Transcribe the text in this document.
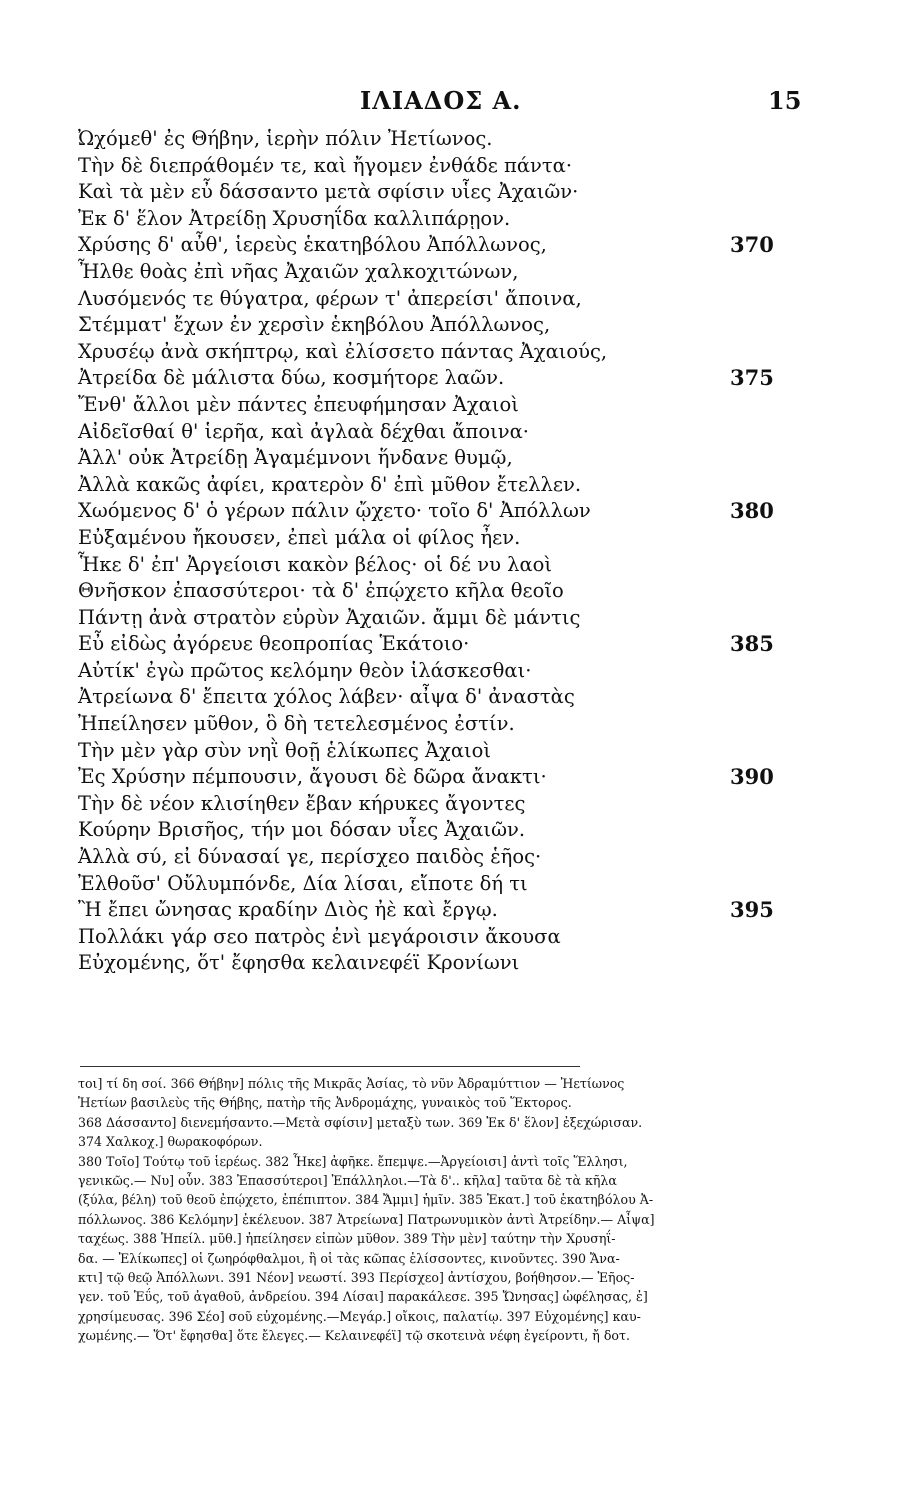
ΙΛΙΑΔΟΣ Α.	15
Ὠχόμεθ' ἐς Θήβην, ἱερὴν πόλιν Ἠετίωνος.
Τὴν δὲ διεπράθομέν τε, καὶ ἤγομεν ἐνθάδε πάντα·
Καὶ τὰ μὲν εὖ δάσσαντο μετὰ σφίσιν υἷες Ἀχαιῶν·
Ἐκ δ' ἕλον Ἀτρείδῃ Χρυσηΐδα καλλιπάρῃον.
Χρύσης δ' αὖθ', ἱερεὺς ἑκατηβόλου Ἀπόλλωνος,	370
Ἦλθε θοὰς ἐπὶ νῆας Ἀχαιῶν χαλκοχιτώνων,
Λυσόμενός τε θύγατρα, φέρων τ' ἀπερείσι' ἄποινα,
Στέμματ' ἔχων ἐν χερσὶν ἑκηβόλου Ἀπόλλωνος,
Χρυσέῳ ἀνὰ σκήπτρῳ, καὶ ἐλίσσετο πάντας Ἀχαιούς,
Ἀτρείδα δὲ μάλιστα δύω, κοσμήτορε λαῶν.	375
Ἔνθ' ἄλλοι μὲν πάντες ἐπευφήμησαν Ἀχαιοὶ
Αἰδεῖσθαί θ' ἱερῆα, καὶ ἀγλαὰ δέχθαι ἄποινα·
Ἀλλ' οὐκ Ἀτρείδῃ Ἀγαμέμνονι ἥνδανε θυμῷ,
Ἀλλὰ κακῶς ἀφίει, κρατερὸν δ' ἐπὶ μῦθον ἔτελλεν.
Χωόμενος δ' ὁ γέρων πάλιν ᾤχετο· τοῖο δ' Ἀπόλλων	380
Εὐξαμένου ἤκουσεν, ἐπεὶ μάλα οἱ φίλος ἦεν.
Ἧκε δ' ἐπ' Ἀργείοισι κακὸν βέλος· οἱ δέ νυ λαοὶ
Θνῆσκον ἐπασσύτεροι· τὰ δ' ἐπῴχετο κῆλα θεοῖο
Πάντῃ ἀνὰ στρατὸν εὐρὺν Ἀχαιῶν. ἄμμι δὲ μάντις
Εὖ εἰδὼς ἀγόρευε θεοπροπίας Ἑκάτοιο·	385
Αὐτίκ' ἐγὼ πρῶτος κελόμην θεὸν ἱλάσκεσθαι·
Ἀτρείωνα δ' ἔπειτα χόλος λάβεν· αἶψα δ' ἀναστὰς
Ἠπείλησεν μῦθον, ὃ δὴ τετελεσμένος ἐστίν.
Τὴν μὲν γὰρ σὺν νηῒ θοῇ ἑλίκωπες Ἀχαιοὶ
Ἐς Χρύσην πέμπουσιν, ἄγουσι δὲ δῶρα ἄνακτι·	390
Τὴν δὲ νέον κλισίηθεν ἔβαν κήρυκες ἄγοντες
Κούρην Βρισῆος, τήν μοι δόσαν υἷες Ἀχαιῶν.
Ἀλλὰ σύ, εἰ δύνασαί γε, περίσχεο παιδὸς ἑῆος·
Ἐλθοῦσ' Οὔλυμπόνδε, Δία λίσαι, εἴποτε δή τι
Ἢ ἔπει ὤνησας κραδίην Διὸς ἠὲ καὶ ἔργῳ.	395
Πολλάκι γάρ σεο πατρὸς ἐνὶ μεγάροισιν ἄκουσα
Εὐχομένης, ὅτ' ἔφησθα κελαινεφέϊ Κρονίωνι
τοι] τί δη σοί. 366 Θήβην] πόλις τῆς Μικρᾶς Ἀσίας, τὸ νῦν Ἀδραμύττιον — Ἠετίωνος
Ἠετίων βασιλεὺς τῆς Θήβης, πατὴρ τῆς Ἀνδρομάχης, γυναικὸς τοῦ Ἕκτορος.
368 Δάσσαντο] διενεμήσαντο.—Μετὰ σφίσιν] μεταξὺ των. 369 Ἐκ δ' ἕλον] ἐξεχώρισαν.
374 Χαλκοχ.] θωρακοφόρων.
380 Τοῖο] Τούτῳ τοῦ ἱερέως. 382 Ἧκε] ἀφῆκε. ἔπεμψε.—Ἀργείοισι] ἀντὶ τοῖς Ἕλλησι,
γενικῶς.— Νυ] οὖν. 383 Ἐπασσύτεροι] Ἐπάλληλοι.—Τὰ δ'.. κῆλα] ταῦτα δὲ τὰ κῆλα
(ξύλα, βέλη) τοῦ θεοῦ ἐπῴχετο, ἐπέπιπτον. 384 Ἄμμι] ἡμῖν. 385 Ἑκατ.] τοῦ ἑκατηβόλου Ἀ-
πόλλωνος. 386 Κελόμην] ἐκέλευον. 387 Ἀτρείωνα] Πατρωνυμικὸν ἀντὶ Ἀτρείδην.— Αἶψα]
ταχέως. 388 Ἠπείλ. μῦθ.] ἠπείλησεν εἰπὼν μῦθον. 389 Τὴν μὲν] ταύτην τὴν Χρυσηΐ-
δα. — Ἑλίκωπες] οἱ ζωηρόφθαλμοι, ἢ οἱ τὰς κῶπας ἑλίσσοντες, κινοῦντες. 390 Ἄνα-
κτι] τῷ θεῷ Ἀπόλλωνι. 391 Νέον] νεωστί. 393 Περίσχεο] ἀντίσχου, βοήθησον.— Ἑῆος-
γεν. τοῦ Ἐΰς, τοῦ ἀγαθοῦ, ἀνδρείου. 394 Λίσαι] παρακάλεσε. 395 Ὤνησας] ὠφέλησας, ἐ]
χρησίμευσας. 396 Σέο] σοῦ εὐχομένης.—Μεγάρ.] οἴκοις, παλατίῳ. 397 Εὐχομένης] καυ-
χωμένης.— Ὅτ' ἔφησθα] ὅτε ἔλεγες.— Κελαινεφέϊ] τῷ σκοτεινὰ νέφη ἐγείροντι, ἤ δοτ.
